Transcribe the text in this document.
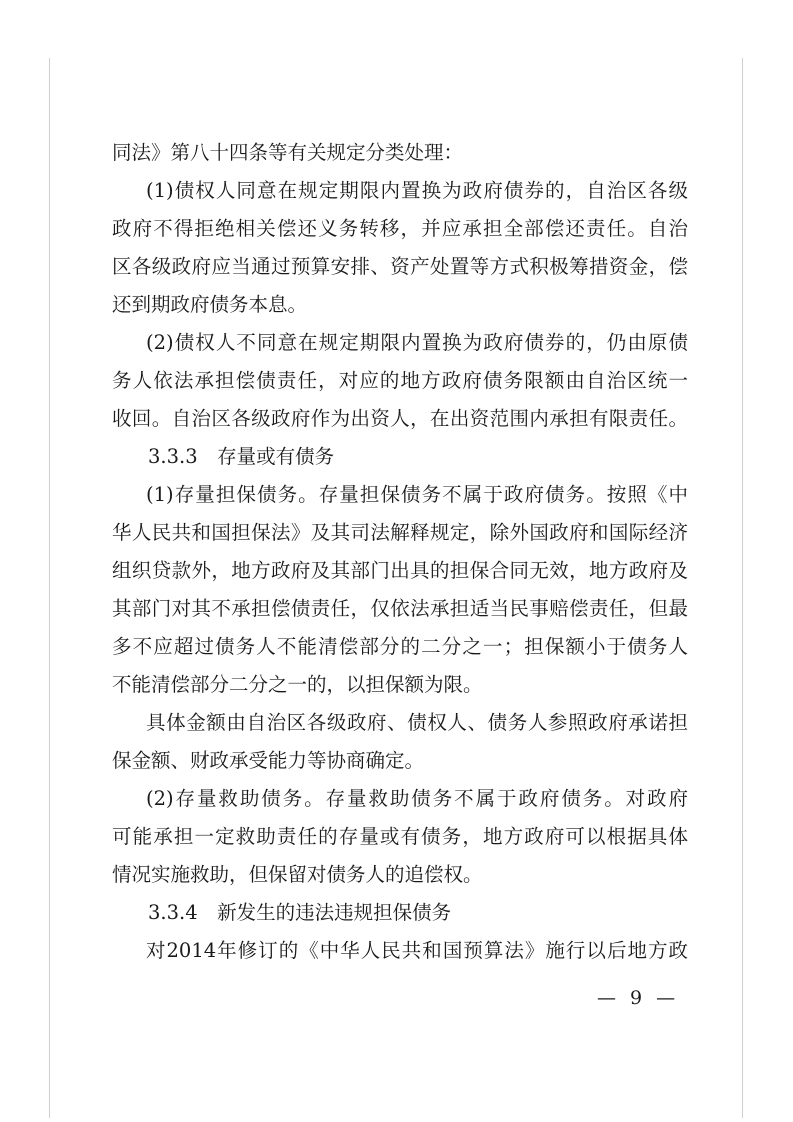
同法》第八十四条等有关规定分类处理：
(1)债权人同意在规定期限内置换为政府债券的，自治区各级
政府不得拒绝相关偿还义务转移，并应承担全部偿还责任。自治
区各级政府应当通过预算安排、资产处置等方式积极筹措资金，偿
还到期政府债务本息。
(2)债权人不同意在规定期限内置换为政府债券的，仍由原债
务人依法承担偿债责任，对应的地方政府债务限额由自治区统一
收回。自治区各级政府作为出资人，在出资范围内承担有限责任。
3.3.3　存量或有债务
(1)存量担保债务。存量担保债务不属于政府债务。按照《中
华人民共和国担保法》及其司法解释规定，除外国政府和国际经济
组织贷款外，地方政府及其部门出具的担保合同无效，地方政府及
其部门对其不承担偿债责任，仅依法承担适当民事赔偿责任，但最
多不应超过债务人不能清偿部分的二分之一；担保额小于债务人
不能清偿部分二分之一的，以担保额为限。
具体金额由自治区各级政府、债权人、债务人参照政府承诺担
保金额、财政承受能力等协商确定。
(2)存量救助债务。存量救助债务不属于政府债务。对政府
可能承担一定救助责任的存量或有债务，地方政府可以根据具体
情况实施救助，但保留对债务人的追偿权。
3.3.4　新发生的违法违规担保债务
对2014年修订的《中华人民共和国预算法》施行以后地方政
— 9 —
